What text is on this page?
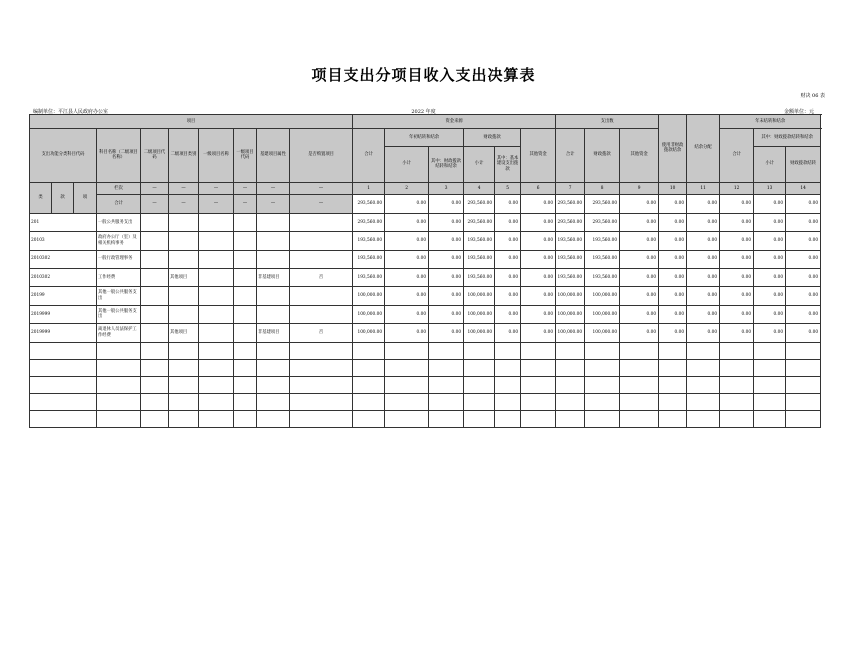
项目支出分项目收入支出决算表
财决 06 表
编制单位：平江县人民政府办公室	2022 年度	金额单位：元
项目										资金来源						支出数			使用非财政拨款结余	结余分配	年末结转和结余			
支出功能分类科目代码			科目名称（二级项目名称）	二级项目代码	二级项目类别	一级项目名称	一级项目代码	基建项目属性	是否购置项目	合计	年初结转和结余		财政拨款		其他资金	合计	财政拨款	其他资金			合计	其中：财政拨款结转和结余		
											小计	其中：财政拨款结转和结余	小计	其中：基本建设支出拨款								小计	财政拨款结转	
类	款	项	栏次	—	—	—	—	—	—	1	2	3	4	5	6	7	8	9	10	11	12	13	14	
			合计	—	—	—	—	—	—	293,560.00	0.00	0.00	293,560.00	0.00	0.00	293,560.00	293,560.00	0.00	0.00	0.00	0.00	0.00	0.00	
201			一般公共服务支出							293,560.00	0.00	0.00	293,560.00	0.00	0.00	293,560.00	293,560.00	0.00	0.00	0.00	0.00	0.00	0.00	
20103			政府办公厅（室）及相关机构事务							193,560.00	0.00	0.00	193,560.00	0.00	0.00	193,560.00	193,560.00	0.00	0.00	0.00	0.00	0.00	0.00	
2010302			一般行政管理事务							193,560.00	0.00	0.00	193,560.00	0.00	0.00	193,560.00	193,560.00	0.00	0.00	0.00	0.00	0.00	0.00	
2010302			工作经费		其他项目			非基建项目	否	193,560.00	0.00	0.00	193,560.00	0.00	0.00	193,560.00	193,560.00	0.00	0.00	0.00	0.00	0.00	0.00	
20199			其他一般公共服务支出							100,000.00	0.00	0.00	100,000.00	0.00	0.00	100,000.00	100,000.00	0.00	0.00	0.00	0.00	0.00	0.00	
2019999			其他一般公共服务支出							100,000.00	0.00	0.00	100,000.00	0.00	0.00	100,000.00	100,000.00	0.00	0.00	0.00	0.00	0.00	0.00	
2019999			离退休人员法保护工作经费		其他项目			非基建项目	否	100,000.00	0.00	0.00	100,000.00	0.00	0.00	100,000.00	100,000.00	0.00	0.00	0.00	0.00	0.00	0.00	
